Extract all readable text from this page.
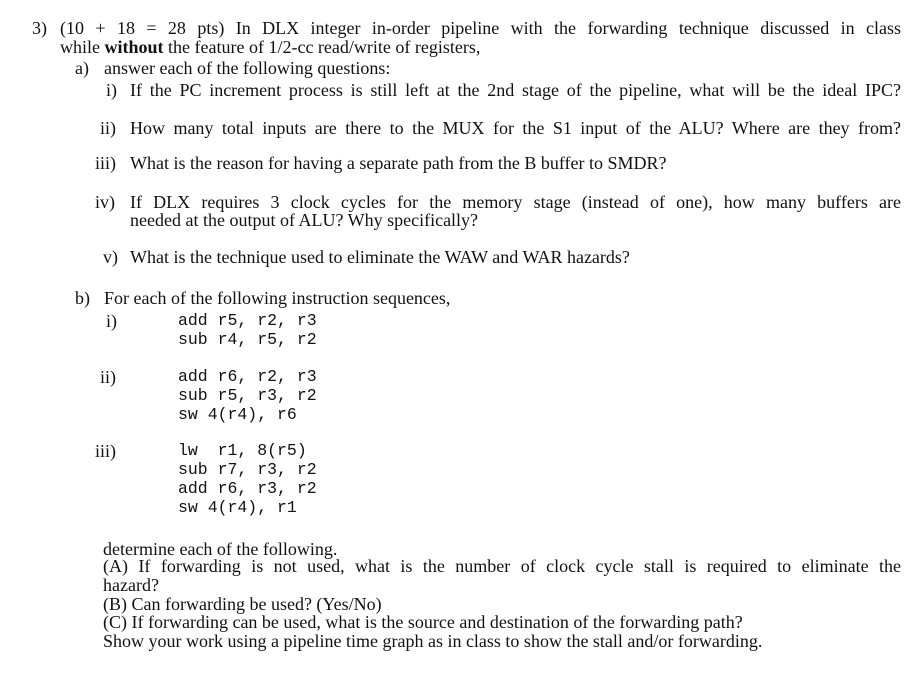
3) (10 + 18 = 28 pts) In DLX integer in-order pipeline with the forwarding technique discussed in class
while without the feature of 1/2-cc read/write of registers,
a) answer each of the following questions:
i) If the PC increment process is still left at the 2nd stage of the pipeline, what will be the ideal IPC?
ii) How many total inputs are there to the MUX for the S1 input of the ALU? Where are they from?
iii) What is the reason for having a separate path from the B buffer to SMDR?
iv) If DLX requires 3 clock cycles for the memory stage (instead of one), how many buffers are
needed at the output of ALU? Why specifically?
v) What is the technique used to eliminate the WAW and WAR hazards?
b) For each of the following instruction sequences,
i)	add r5, r2, r3
sub r4, r5, r2
ii)	add r6, r2, r3
sub r5, r3, r2
sw 4(r4), r6
iii)	lw  r1, 8(r5)
sub r7, r3, r2
add r6, r3, r2
sw 4(r4), r1
determine each of the following.
(A) If forwarding is not used, what is the number of clock cycle stall is required to eliminate the
hazard?
(B) Can forwarding be used? (Yes/No)
(C) If forwarding can be used, what is the source and destination of the forwarding path?
Show your work using a pipeline time graph as in class to show the stall and/or forwarding.
